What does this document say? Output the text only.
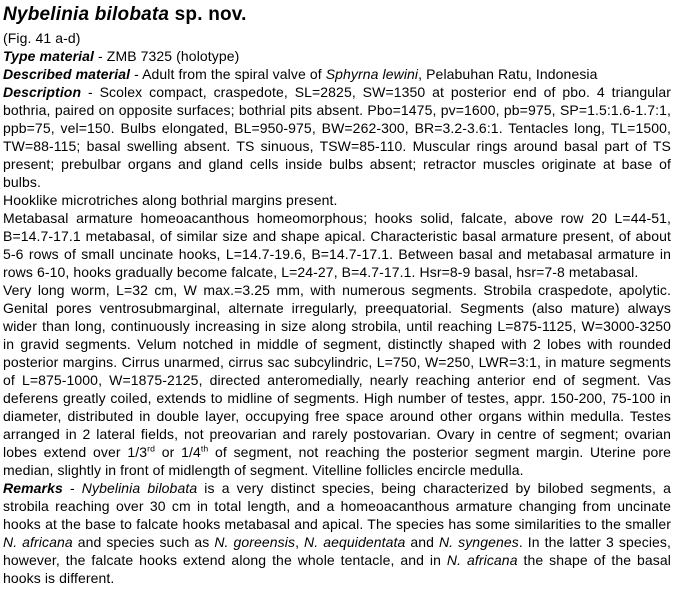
Nybelinia bilobata sp. nov.

(Fig. 41 a-d)

Type material - ZMB 7325 (holotype)

Described material - Adult from the spiral valve of Sphyrna lewini, Pelabuhan Ratu, Indonesia

Description - Scolex compact, craspedote, SL=2825, SW=1350 at posterior end of pbo. 4 triangular bothria, paired on opposite surfaces; bothrial pits absent. Pbo=1475, pv=1600, pb=975, SP=1.5:1.6-1.7:1, ppb=75, vel=150. Bulbs elongated, BL=950-975, BW=262-300, BR=3.2-3.6:1. Tentacles long, TL=1500, TW=88-115; basal swelling absent. TS sinuous, TSW=85-110. Muscular rings around basal part of TS present; prebulbar organs and gland cells inside bulbs absent; retractor muscles originate at base of bulbs.

Hooklike microtriches along bothrial margins present.

Metabasal armature homeoacanthous homeomorphous; hooks solid, falcate, above row 20 L=44-51, B=14.7-17.1 metabasal, of similar size and shape apical. Characteristic basal armature present, of about 5-6 rows of small uncinate hooks, L=14.7-19.6, B=14.7-17.1. Between basal and metabasal armature in rows 6-10, hooks gradually become falcate, L=24-27, B=4.7-17.1. Hsr=8-9 basal, hsr=7-8 metabasal.

Very long worm, L=32 cm, W max.=3.25 mm, with numerous segments. Strobila craspedote, apolytic. Genital pores ventrosubmarginal, alternate irregularly, preequatorial. Segments (also mature) always wider than long, continuously increasing in size along strobila, until reaching L=875-1125, W=3000-3250 in gravid segments. Velum notched in middle of segment, distinctly shaped with 2 lobes with rounded posterior margins. Cirrus unarmed, cirrus sac subcylindric, L=750, W=250, LWR=3:1, in mature segments of L=875-1000, W=1875-2125, directed anteromedially, nearly reaching anterior end of segment. Vas deferens greatly coiled, extends to midline of segments. High number of testes, appr. 150-200, 75-100 in diameter, distributed in double layer, occupying free space around other organs within medulla. Testes arranged in 2 lateral fields, not preovarian and rarely postovarian. Ovary in centre of segment; ovarian lobes extend over 1/3rd or 1/4th of segment, not reaching the posterior segment margin. Uterine pore median, slightly in front of midlength of segment. Vitelline follicles encircle medulla.

Remarks - Nybelinia bilobata is a very distinct species, being characterized by bilobed segments, a strobila reaching over 30 cm in total length, and a homeoacanthous armature changing from uncinate hooks at the base to falcate hooks metabasal and apical. The species has some similarities to the smaller N. africana and species such as N. goreensis, N. aequidentata and N. syngenes. In the latter 3 species, however, the falcate hooks extend along the whole tentacle, and in N. africana the shape of the basal hooks is different.
